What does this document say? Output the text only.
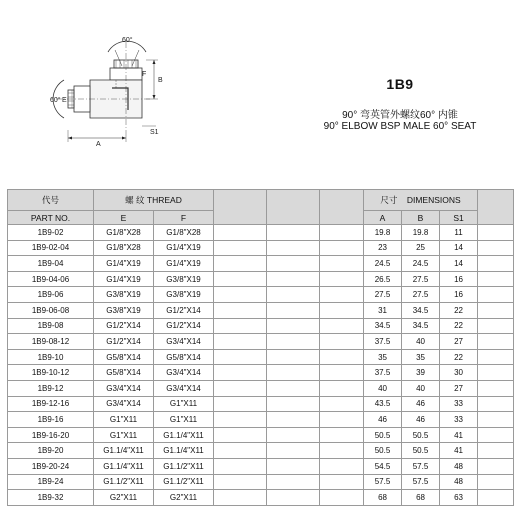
60°
60° E
B
F
A
S1
1B9
90° 弯英管外螺纹60° 内锥
90° ELBOW BSP MALE 60° SEAT
代号	螺 纹 THREAD					尺寸 DIMENSIONS			
	E	F				A	B	S1	
PART NO.									
1B9-02	G1/8"X28	G1/8"X28				19.8	19.8	11	
1B9-02-04	G1/8"X28	G1/4"X19				23	25	14	
1B9-04	G1/4"X19	G1/4"X19				24.5	24.5	14	
1B9-04-06	G1/4"X19	G3/8"X19				26.5	27.5	16	
1B9-06	G3/8"X19	G3/8"X19				27.5	27.5	16	
1B9-06-08	G3/8"X19	G1/2"X14				31	34.5	22	
1B9-08	G1/2"X14	G1/2"X14				34.5	34.5	22	
1B9-08-12	G1/2"X14	G3/4"X14				37.5	40	27	
1B9-10	G5/8"X14	G5/8"X14				35	35	22	
1B9-10-12	G5/8"X14	G3/4"X14				37.5	39	30	
1B9-12	G3/4"X14	G3/4"X14				40	40	27	
1B9-12-16	G3/4"X14	G1"X11				43.5	46	33	
1B9-16	G1"X11	G1"X11				46	46	33	
1B9-16-20	G1"X11	G1.1/4"X11				50.5	50.5	41	
1B9-20	G1.1/4"X11	G1.1/4"X11				50.5	50.5	41	
1B9-20-24	G1.1/4"X11	G1.1/2"X11				54.5	57.5	48	
1B9-24	G1.1/2"X11	G1.1/2"X11				57.5	57.5	48	
1B9-32	G2"X11	G2"X11				68	68	63	
